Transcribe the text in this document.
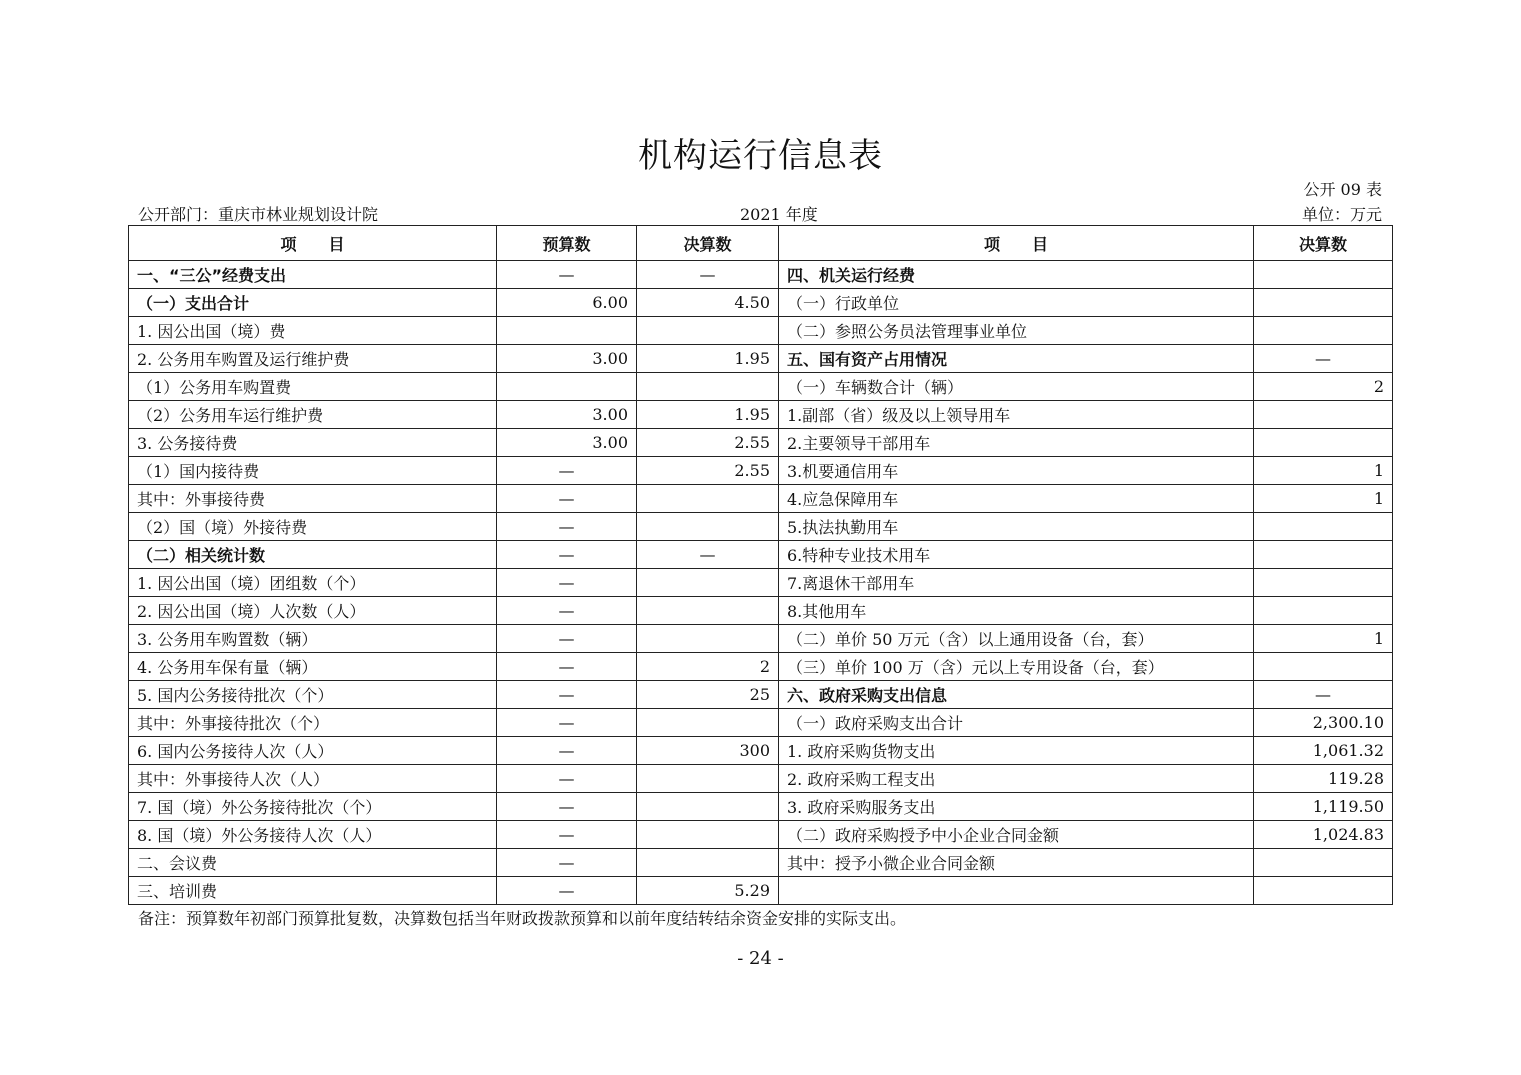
机构运行信息表
公开 09 表
公开部门：重庆市林业规划设计院	2021 年度	单位：万元
项　　目	预算数	决算数	项　　目	决算数
一、“三公”经费支出	—	—	四、机关运行经费	
（一）支出合计	6.00	4.50	（一）行政单位	
1. 因公出国（境）费			（二）参照公务员法管理事业单位	
2. 公务用车购置及运行维护费	3.00	1.95	五、国有资产占用情况	—
（1）公务用车购置费			（一）车辆数合计（辆）	2
（2）公务用车运行维护费	3.00	1.95	1.副部（省）级及以上领导用车	
3. 公务接待费	3.00	2.55	2.主要领导干部用车	
（1）国内接待费	—	2.55	3.机要通信用车	1
其中：外事接待费	—		4.应急保障用车	1
（2）国（境）外接待费	—		5.执法执勤用车	
（二）相关统计数	—	—	6.特种专业技术用车	
1. 因公出国（境）团组数（个）	—		7.离退休干部用车	
2. 因公出国（境）人次数（人）	—		8.其他用车	
3. 公务用车购置数（辆）	—		（二）单价 50 万元（含）以上通用设备（台，套）	1
4. 公务用车保有量（辆）	—	2	（三）单价 100 万（含）元以上专用设备（台，套）	
5. 国内公务接待批次（个）	—	25	六、政府采购支出信息	—
其中：外事接待批次（个）	—		（一）政府采购支出合计	2,300.10
6. 国内公务接待人次（人）	—	300	1. 政府采购货物支出	1,061.32
其中：外事接待人次（人）	—		2. 政府采购工程支出	119.28
7. 国（境）外公务接待批次（个）	—		3. 政府采购服务支出	1,119.50
8. 国（境）外公务接待人次（人）	—		（二）政府采购授予中小企业合同金额	1,024.83
二、会议费	—		其中：授予小微企业合同金额	
三、培训费	—	5.29		
备注：预算数年初部门预算批复数，决算数包括当年财政拨款预算和以前年度结转结余资金安排的实际支出。
- 24 -
